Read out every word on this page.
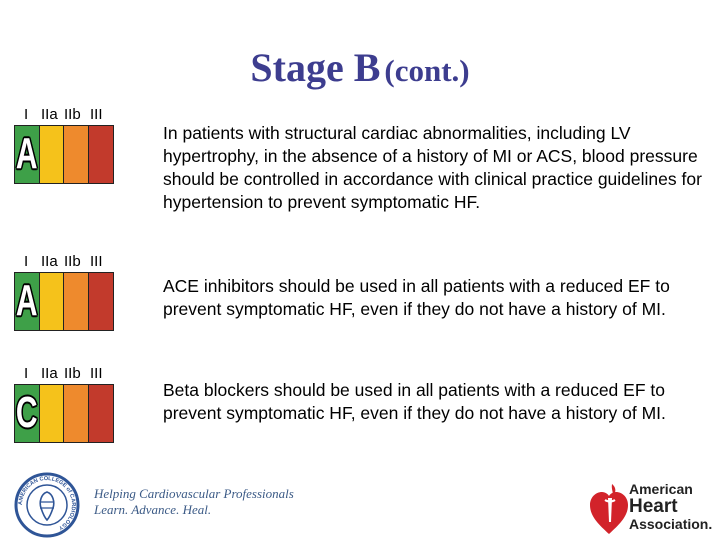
Stage B (cont.)
I IIa IIb III
A	In patients with structural cardiac abnormalities, including LV hypertrophy, in the absence of a history of MI or ACS, blood pressure should be controlled in accordance with clinical practice guidelines for hypertension to prevent symptomatic HF.
I IIa IIb III
A	ACE inhibitors should be used in all patients with a reduced EF to prevent symptomatic HF, even if they do not have a history of MI.
I IIa IIb III
C	Beta blockers should be used in all patients with a reduced EF to prevent symptomatic HF, even if they do not have a history of MI.
AMERICAN COLLEGE of CARDIOLOGY
Helping Cardiovascular Professionals
Learn. Advance. Heal.
American
Heart
Association.
